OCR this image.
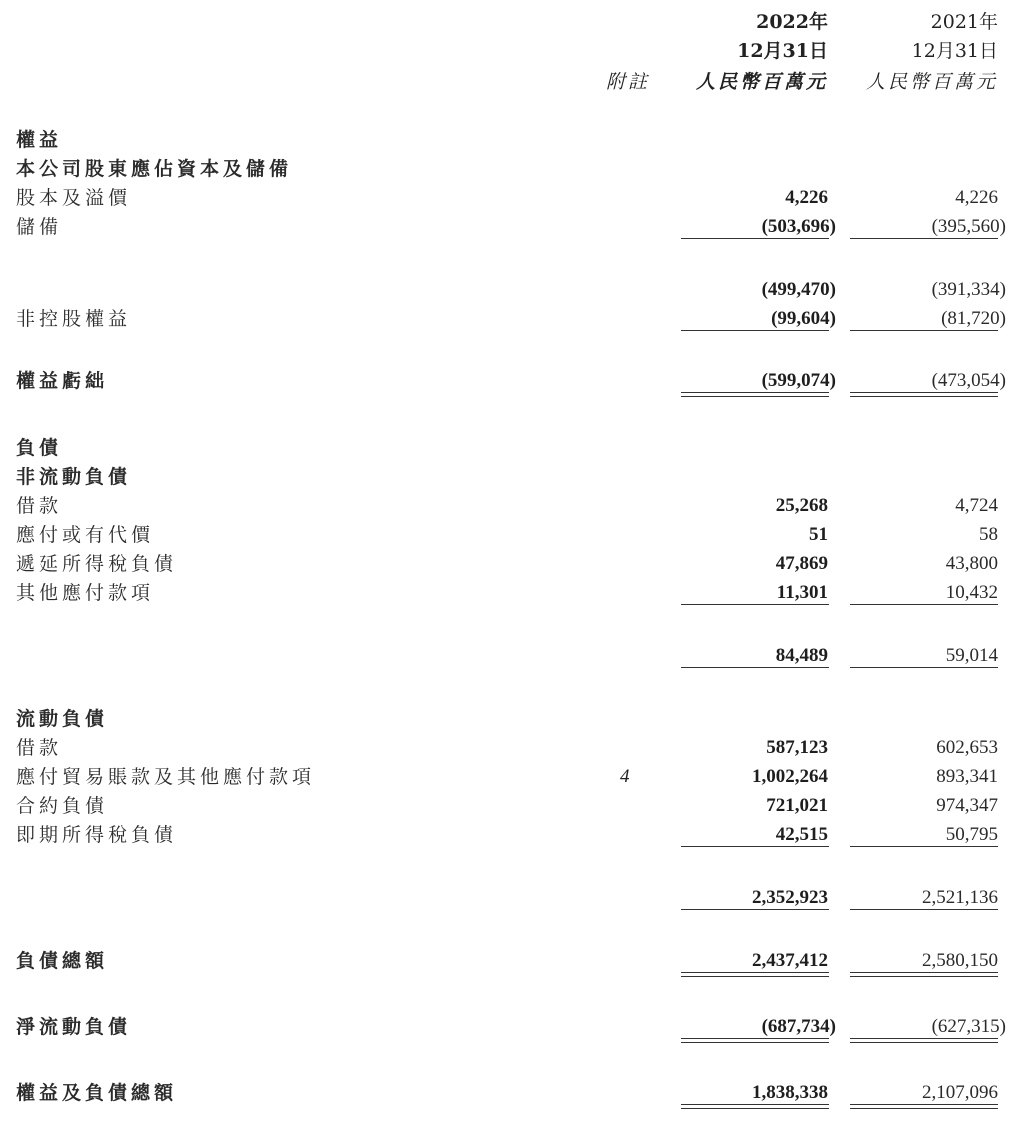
2022年	2021年
12月31日	12月31日
附註 人民幣百萬元 人民幣百萬元
權益
本公司股東應佔資本及儲備
股本及溢價	4,226	4,226
儲備	(503,696)	(395,560)
(499,470)	(391,334)
非控股權益	(99,604)	(81,720)
權益虧絀	(599,074)	(473,054)
負債
非流動負債
借款	25,268	4,724
應付或有代價	51	58
遞延所得稅負債	47,869	43,800
其他應付款項	11,301	10,432
84,489	59,014
流動負債
借款	587,123	602,653
應付貿易賬款及其他應付款項	4	1,002,264	893,341
合約負債	721,021	974,347
即期所得稅負債	42,515	50,795
2,352,923	2,521,136
負債總額	2,437,412	2,580,150
淨流動負債	(687,734)	(627,315)
權益及負債總額	1,838,338	2,107,096
